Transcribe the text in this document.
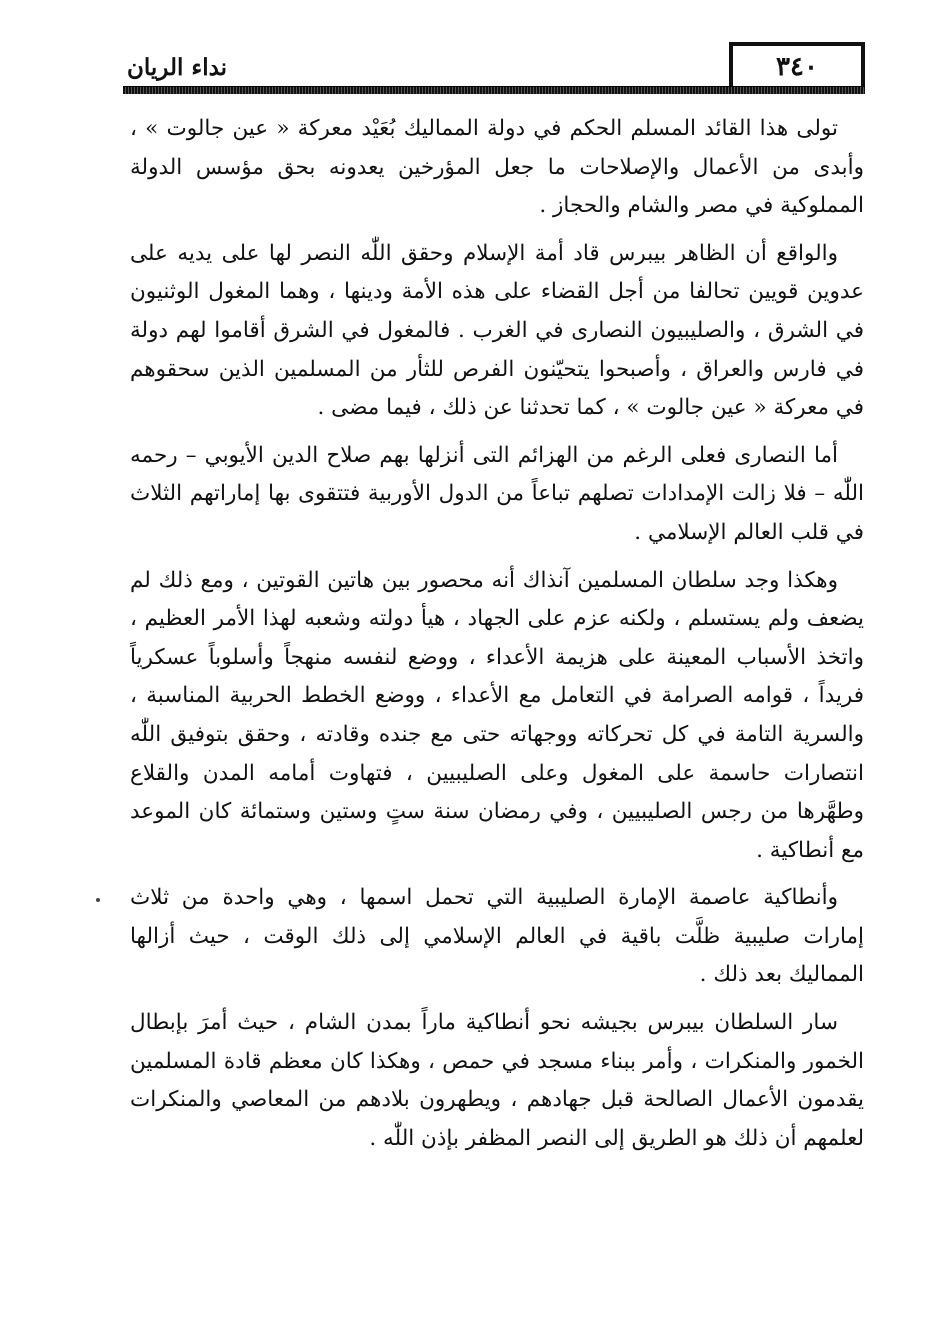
٣٤٠
نداء الريان

تولى هذا القائد المسلم الحكم في دولة المماليك بُعَيْد معركة « عين جالوت » ، وأبدى من الأعمال والإصلاحات ما جعل المؤرخين يعدونه بحق مؤسس الدولة المملوكية في مصر والشام والحجاز .

والواقع أن الظاهر بيبرس قاد أمة الإسلام وحقق اللّٰه النصر لها على يديه على عدوين قويين تحالفا من أجل القضاء على هذه الأمة ودينها ، وهما المغول الوثنيون في الشرق ، والصليبيون النصارى في الغرب . فالمغول في الشرق أقاموا لهم دولة في فارس والعراق ، وأصبحوا يتحيّنون الفرص للثأر من المسلمين الذين سحقوهم في معركة « عين جالوت » ، كما تحدثنا عن ذلك ، فيما مضى .

أما النصارى فعلى الرغم من الهزائم التى أنزلها بهم صلاح الدين الأيوبي – رحمه اللّٰه – فلا زالت الإمدادات تصلهم تباعاً من الدول الأوربية فتتقوى بها إماراتهم الثلاث في قلب العالم الإسلامي .

وهكذا وجد سلطان المسلمين آنذاك أنه محصور بين هاتين القوتين ، ومع ذلك لم يضعف ولم يستسلم ، ولكنه عزم على الجهاد ، هيأ دولته وشعبه لهذا الأمر العظيم ، واتخذ الأسباب المعينة على هزيمة الأعداء ، ووضع لنفسه منهجاً وأسلوباً عسكرياً فريداً ، قوامه الصرامة في التعامل مع الأعداء ، ووضع الخطط الحربية المناسبة ، والسرية التامة في كل تحركاته ووجهاته حتى مع جنده وقادته ، وحقق بتوفيق اللّٰه انتصارات حاسمة على المغول وعلى الصليبيين ، فتهاوت أمامه المدن والقلاع وطهَّرها من رجس الصليبيين ، وفي رمضان سنة ستٍ وستين وستمائة كان الموعد مع أنطاكية .

وأنطاكية عاصمة الإمارة الصليبية التي تحمل اسمها ، وهي واحدة من ثلاث إمارات صليبية ظلَّت باقية في العالم الإسلامي إلى ذلك الوقت ، حيث أزالها المماليك بعد ذلك .

سار السلطان بيبرس بجيشه نحو أنطاكية ماراً بمدن الشام ، حيث أمرَ بإبطال الخمور والمنكرات ، وأمر ببناء مسجد في حمص ، وهكذا كان معظم قادة المسلمين يقدمون الأعمال الصالحة قبل جهادهم ، ويطهرون بلادهم من المعاصي والمنكرات لعلمهم أن ذلك هو الطريق إلى النصر المظفر بإذن اللّٰه .
